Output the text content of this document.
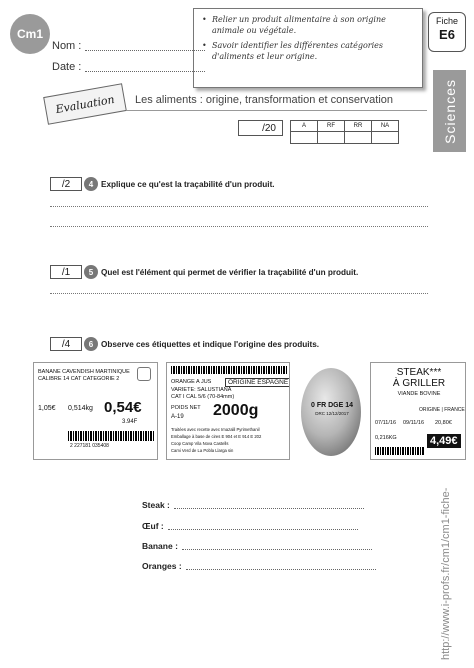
Cm1
Nom :
Date :
• Relier un produit alimentaire à son origine animale ou végétale.
• Savoir identifier les différentes catégories d'aliments et leur origine.
Fiche
E6
Sciences
Evaluation	Les aliments : origine, transformation et conservation
/20	A	RF	RR	NA

/2	4 Explique ce qu'est la traçabilité d'un produit.
/1	5 Quel est l'élément qui permet de vérifier la traçabilité d'un produit.
/4	6 Observe ces étiquettes et indique l'origine des produits.
BANANE CAVENDISH MARTINIQUE
CALIBRE 14 CAT CATEGORIE 2
1,05€ 0,514kg 0,54€
3.94F
2 227181 035408
ORANGE A JUS	ORIGINE ESPAGNE
VARIETE: SALUSTIANA
CAT I CAL 5/6 (70-84mm)
POIDS NET 2000g
A-19
Traitées avec recette avec Imazalil Pyrimethanil
Emballage à base de cires E 904 et E 914 E 202
Coop Camp Vila Nova Castells
Cami Verd de La Pobla Llarga sin
0 FR DGE 14
DRC 12/12/2017
STEAK***
À GRILLER
VIANDE BOVINE
ORIGINE | FRANCE
07/11/16 09/11/16 20,80€
0,216KG	4,49€
Steak :
Œuf :
Banane :
Oranges :	http://www.i-profs.fr/cm1/cm1-fiche-
